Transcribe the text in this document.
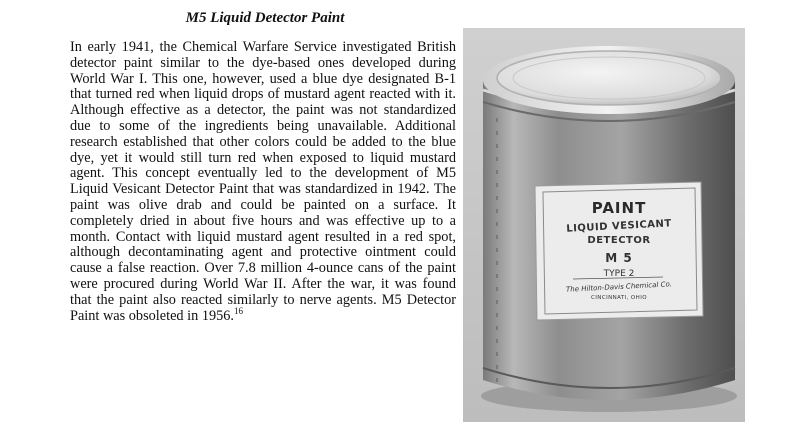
M5 Liquid Detector Paint

In early 1941, the Chemical Warfare Service investigated British detector paint similar to the dye-based ones developed during World War I. This one, however, used a blue dye designated B-1 that turned red when liquid drops of mustard agent reacted with it. Although effective as a detector, the paint was not standardized due to some of the ingredients being unavailable. Additional research established that other colors could be added to the blue dye, yet it would still turn red when exposed to liquid mustard agent. This concept eventually led to the development of M5 Liquid Vesicant Detector Paint that was standardized in 1942. The paint was olive drab and could be painted on a surface. It completely dried in about five hours and was effective up to a month. Contact with liquid mustard agent resulted in a red spot, although decontaminating agent and protective ointment could cause a false reaction. Over 7.8 million 4-ounce cans of the paint were procured during World War II. After the war, it was found that the paint also reacted similarly to nerve agents. M5 Detector Paint was obsoleted in 1956.16

PAINT
LIQUID VESICANT
DETECTOR
M 5
TYPE 2
The Hilton-Davis Chemical Co.
CINCINNATI, OHIO
